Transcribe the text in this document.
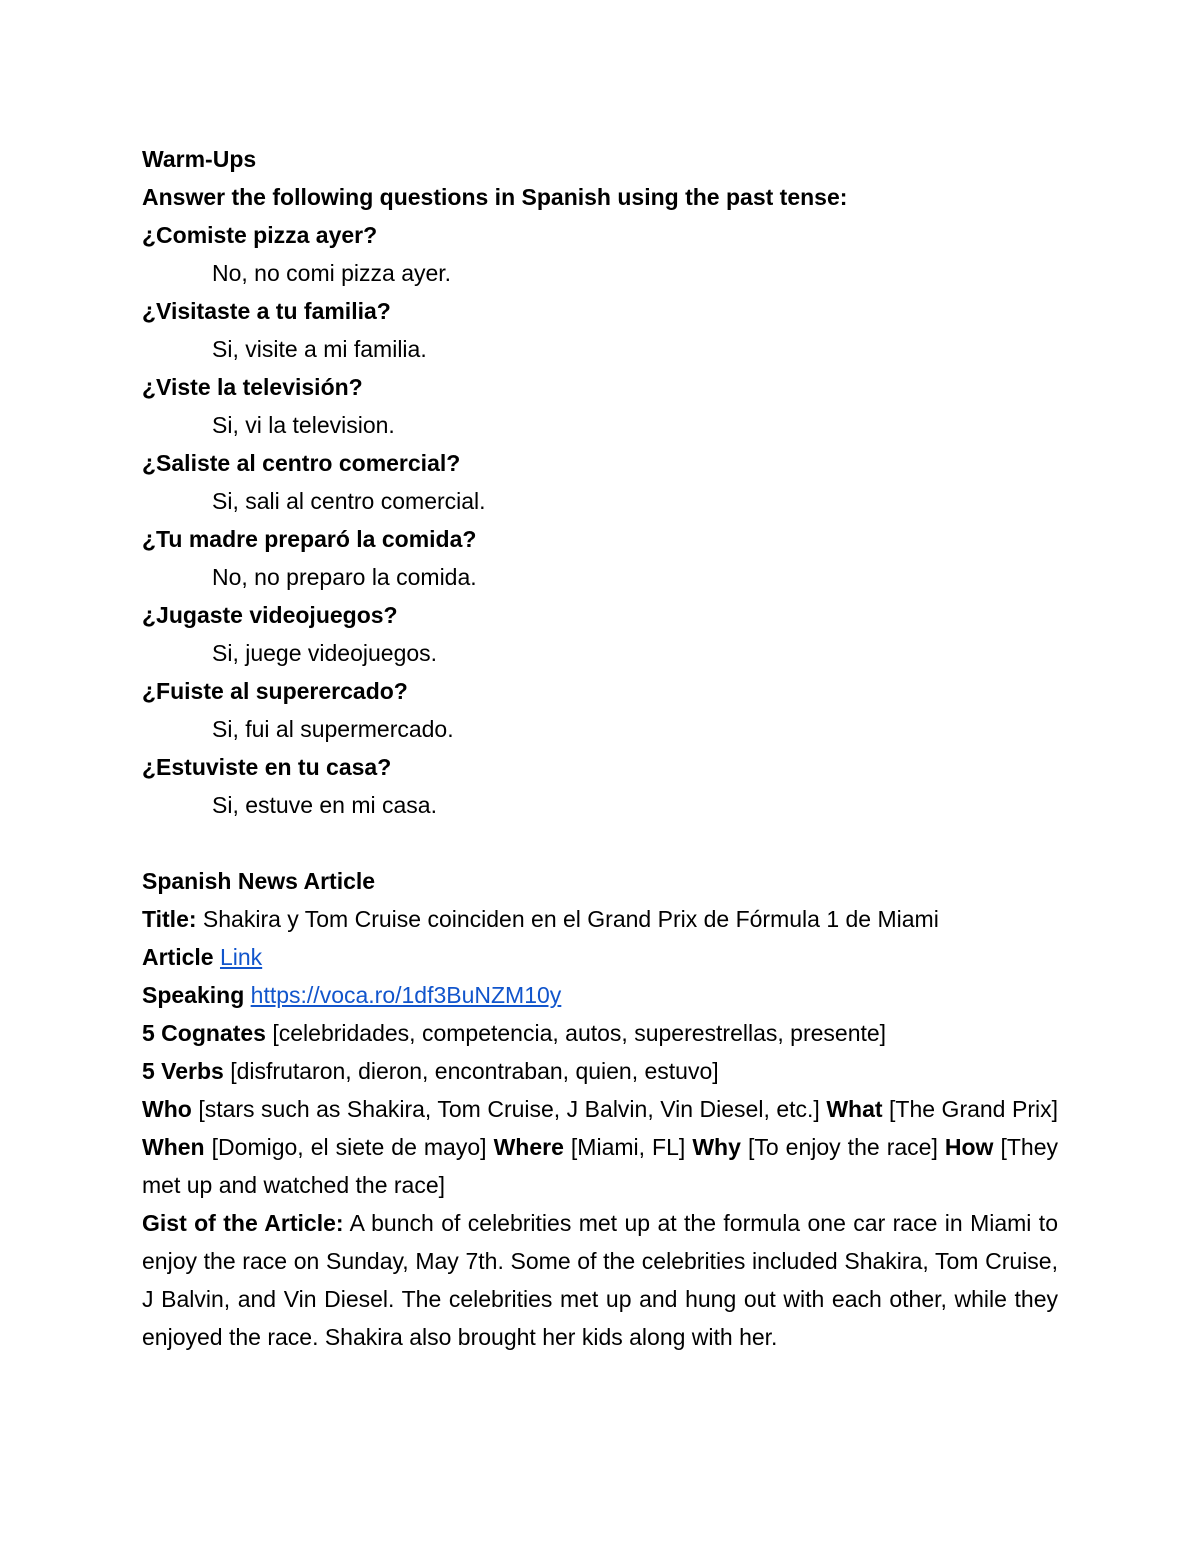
Warm-Ups
Answer the following questions in Spanish using the past tense:
¿Comiste pizza ayer?
No, no comi pizza ayer.
¿Visitaste a tu familia?
Si, visite a mi familia.
¿Viste la televisión?
Si, vi la television.
¿Saliste al centro comercial?
Si, sali al centro comercial.
¿Tu madre preparó la comida?
No, no preparo la comida.
¿Jugaste videojuegos?
Si, juege videojuegos.
¿Fuiste al superercado?
Si, fui al supermercado.
¿Estuviste en tu casa?
Si, estuve en mi casa.
Spanish News Article
Title: Shakira y Tom Cruise coinciden en el Grand Prix de Fórmula 1 de Miami
Article Link
Speaking https://voca.ro/1df3BuNZM10y
5 Cognates [celebridades, competencia, autos, superestrellas, presente]
5 Verbs [disfrutaron, dieron, encontraban, quien, estuvo]
Who [stars such as Shakira, Tom Cruise, J Balvin, Vin Diesel, etc.] What [The Grand Prix] When [Domigo, el siete de mayo] Where [Miami, FL] Why [To enjoy the race] How [They met up and watched the race]
Gist of the Article: A bunch of celebrities met up at the formula one car race in Miami to enjoy the race on Sunday, May 7th. Some of the celebrities included Shakira, Tom Cruise, J Balvin, and Vin Diesel. The celebrities met up and hung out with each other, while they enjoyed the race. Shakira also brought her kids along with her.
